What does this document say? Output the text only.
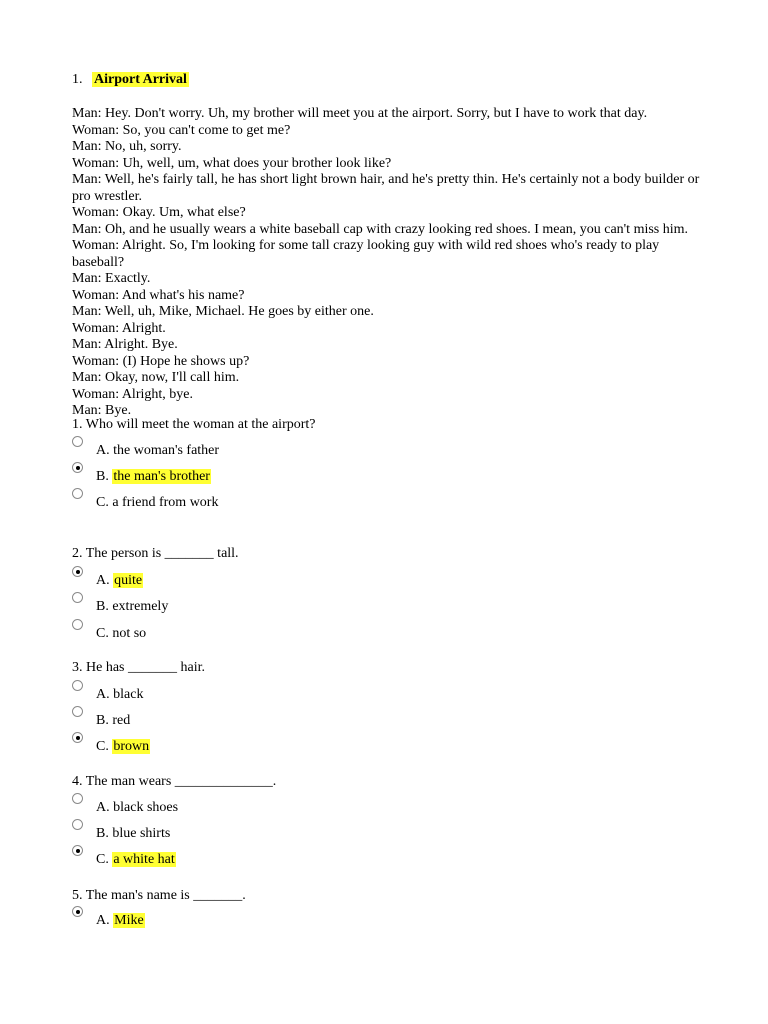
1. Airport Arrival
Man: Hey. Don't worry. Uh, my brother will meet you at the airport. Sorry, but I have to work that day.
Woman: So, you can't come to get me?
Man: No, uh, sorry.
Woman: Uh, well, um, what does your brother look like?
Man: Well, he's fairly tall, he has short light brown hair, and he's pretty thin. He's certainly not a body builder or pro wrestler.
Woman: Okay. Um, what else?
Man: Oh, and he usually wears a white baseball cap with crazy looking red shoes. I mean, you can't miss him.
Woman: Alright. So, I'm looking for some tall crazy looking guy with wild red shoes who's ready to play baseball?
Man: Exactly.
Woman: And what's his name?
Man: Well, uh, Mike, Michael. He goes by either one.
Woman: Alright.
Man: Alright. Bye.
Woman: (I) Hope he shows up?
Man: Okay, now, I'll call him.
Woman: Alright, bye.
Man: Bye.
1. Who will meet the woman at the airport?
A. the woman's father
B. the man's brother
C. a friend from work
2. The person is _______ tall.
A. quite
B. extremely
C. not so
3. He has _______ hair.
A. black
B. red
C. brown
4. The man wears ______________.
A. black shoes
B. blue shirts
C. a white hat
5. The man's name is _______.
A. Mike
